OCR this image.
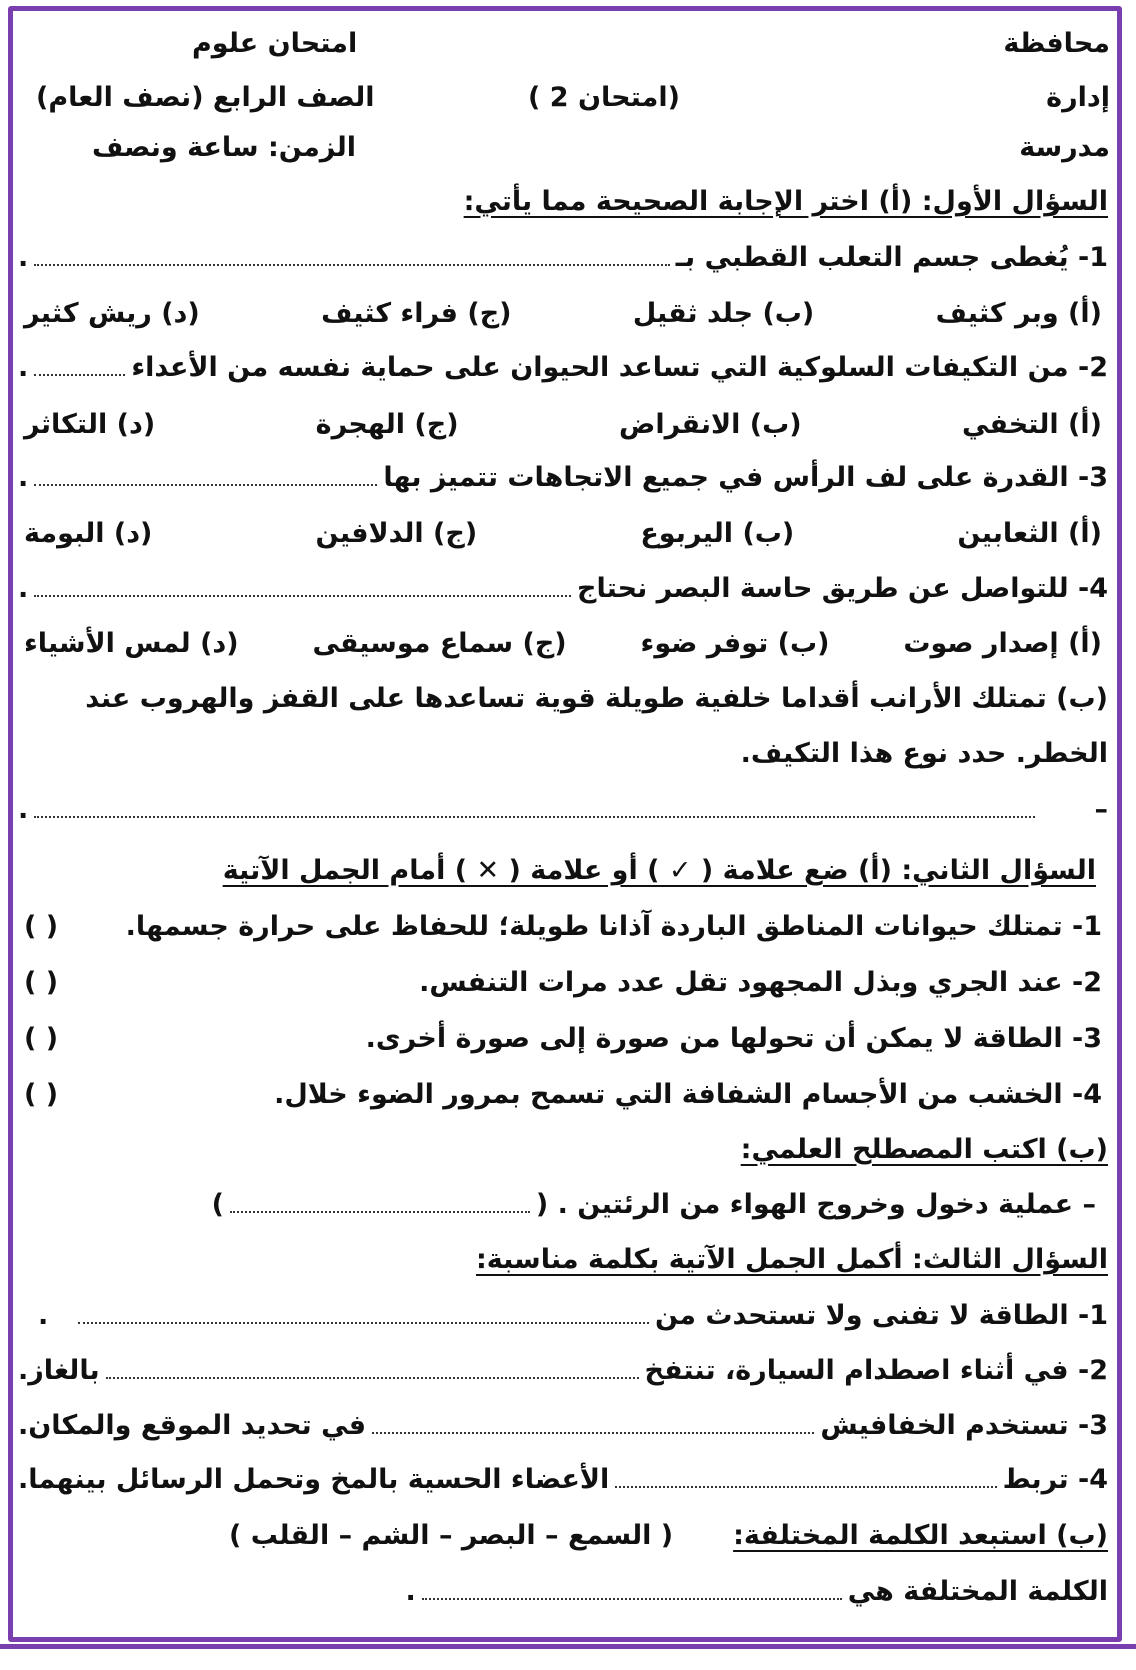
محافظة
إدارة
مدرسة
امتحان علوم
الصف الرابع (نصف العام)
الزمن: ساعة ونصف
(امتحان 2 )
السؤال الأول: (أ) اختر الإجابة الصحيحة مما يأتي:
1- يُغطى جسم التعلب القطبي بـ
.
(أ) وبر كثيف
(ب) جلد ثقيل
(ج) فراء كثيف
(د) ريش كثير
2- من التكيفات السلوكية التي تساعد الحيوان على حماية نفسه من الأعداء
.
(أ) التخفي
(ب) الانقراض
(ج) الهجرة
(د) التكاثر
3- القدرة على لف الرأس في جميع الاتجاهات تتميز بها
.
(أ) الثعابين
(ب) اليربوع
(ج) الدلافين
(د) البومة
4- للتواصل عن طريق حاسة البصر نحتاج
.
(أ) إصدار صوت
(ب) توفر ضوء
(ج) سماع موسيقى
(د) لمس الأشياء
(ب) تمتلك الأرانب أقداما خلفية طويلة قوية تساعدها على القفز والهروب عند
الخطر. حدد نوع هذا التكيف.
–
.
السؤال الثاني: (أ) ضع علامة ( ✓ ) أو علامة ( ✕ ) أمام الجمل الآتية
1- تمتلك حيوانات المناطق الباردة آذانا طويلة؛ للحفاظ على حرارة جسمها.
( )
2- عند الجري وبذل المجهود تقل عدد مرات التنفس.
( )
3- الطاقة لا يمكن أن تحولها من صورة إلى صورة أخرى.
( )
4- الخشب من الأجسام الشفافة التي تسمح بمرور الضوء خلال.
( )
(ب) اكتب المصطلح العلمي:
– عملية دخول وخروج الهواء من الرئتين . (
)
السؤال الثالث: أكمل الجمل الآتية بكلمة مناسبة:
1- الطاقة لا تفنى ولا تستحدث من
.
2- في أثناء اصطدام السيارة، تنتفخ
بالغاز.
3- تستخدم الخفافيش
في تحديد الموقع والمكان.
4- تربط
الأعضاء الحسية بالمخ وتحمل الرسائل بينهما.
(ب) استبعد الكلمة المختلفة:
( السمع – البصر – الشم – القلب )
الكلمة المختلفة هي
.
